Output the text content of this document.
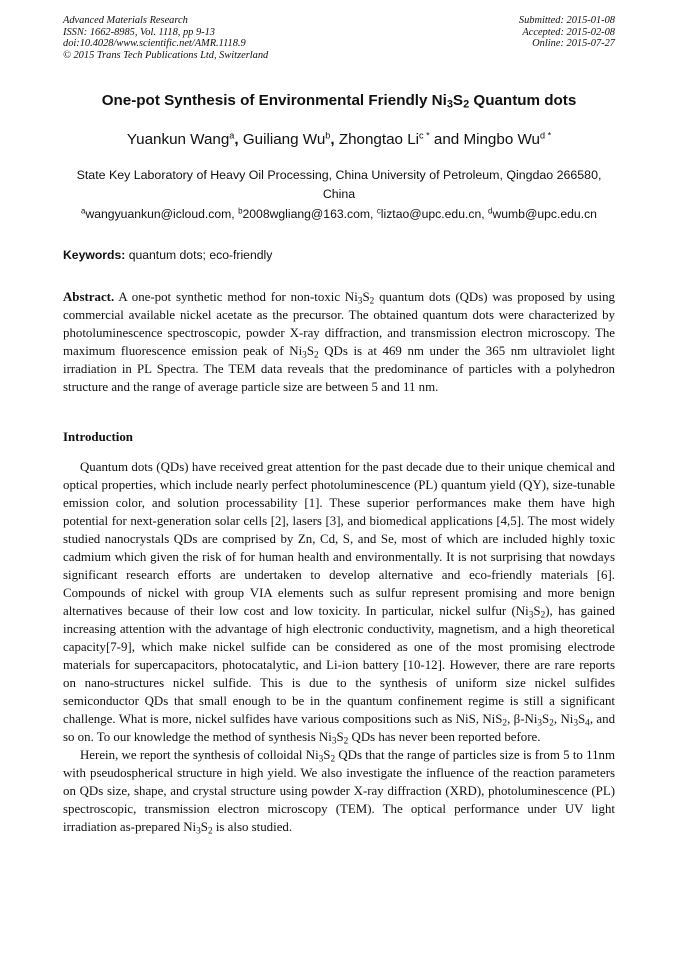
Advanced Materials Research
ISSN: 1662-8985, Vol. 1118, pp 9-13
doi:10.4028/www.scientific.net/AMR.1118.9
© 2015 Trans Tech Publications Ltd, Switzerland
Submitted: 2015-01-08
Accepted: 2015-02-08
Online: 2015-07-27
One-pot Synthesis of Environmental Friendly $Ni_3S_2$ Quantum dots
Yuankun Wang$^a$, Guiliang Wu$^b$, Zhongtao $Li^{c *}$ and Mingbo $Wu^{d *}$
State Key Laboratory of Heavy Oil Processing, China University of Petroleum, Qingdao 266580, China
$^a$wangyuankun@icloud.com, $^b$2008wgliang@163.com, $^c$liztao@upc.edu.cn, $^d$wumb@upc.edu.cn
Keywords: quantum dots; eco-friendly
Abstract. A one-pot synthetic method for non-toxic $Ni_3S_2$ quantum dots (QDs) was proposed by using commercial available nickel acetate as the precursor. The obtained quantum dots were characterized by photoluminescence spectroscopic, powder X-ray diffraction, and transmission electron microscopy. The maximum fluorescence emission peak of $Ni_3S_2$ QDs is at 469 nm under the 365 nm ultraviolet light irradiation in PL Spectra. The TEM data reveals that the predominance of particles with a polyhedron structure and the range of average particle size are between 5 and 11 nm.
Introduction

Quantum dots (QDs) have received great attention for the past decade due to their unique chemical and optical properties, which include nearly perfect photoluminescence (PL) quantum yield (QY), size-tunable emission color, and solution processability [1]. These superior performances make them have high potential for next-generation solar cells [2], lasers [3], and biomedical applications [4,5]. The most widely studied nanocrystals QDs are comprised by Zn, Cd, S, and Se, most of which are included highly toxic cadmium which given the risk of for human health and environmentally. It is not surprising that nowdays significant research efforts are undertaken to develop alternative and eco-friendly materials [6]. Compounds of nickel with group VIA elements such as sulfur represent promising and more benign alternatives because of their low cost and low toxicity. In particular, nickel sulfur $(Ni_3S_2)$, has gained increasing attention with the advantage of high electronic conductivity, magnetism, and a high theoretical capacity[7-9], which make nickel sulfide can be considered as one of the most promising electrode materials for supercapacitors, photocatalytic, and Li-ion battery [10-12]. However, there are rare reports on nano-structures nickel sulfide. This is due to the synthesis of uniform size nickel sulfides semiconductor QDs that small enough to be in the quantum confinement regime is still a significant challenge. What is more, nickel sulfides have various compositions such as NiS, NiS$_2$, $\beta-Ni_3S_2$, $Ni_3S_4$, and so on. To our knowledge the method of synthesis $Ni_3S_2$ QDs has never been reported before.

Herein, we report the synthesis of colloidal $Ni_3S_2$ QDs that the range of particles size is from 5 to 11nm with pseudospherical structure in high yield. We also investigate the influence of the reaction parameters on QDs size, shape, and crystal structure using powder X-ray diffraction (XRD), photoluminescence (PL) spectroscopic, transmission electron microscopy (TEM). The optical performance under UV light irradiation as-prepared $Ni_3S_2$ is also studied.
